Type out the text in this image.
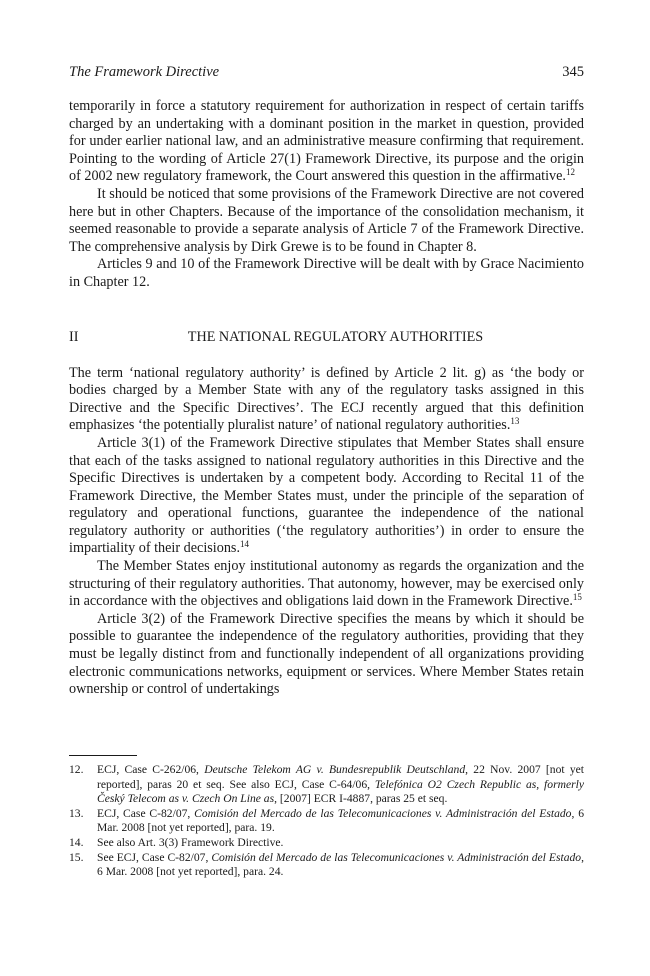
The Framework Directive	345

temporarily in force a statutory requirement for authorization in respect of certain tariffs charged by an undertaking with a dominant position in the market in question, provided for under earlier national law, and an administrative measure confirming that requirement. Pointing to the wording of Article 27(1) Framework Directive, its purpose and the origin of 2002 new regulatory framework, the Court answered this question in the affirmative.$^{12}$

It should be noticed that some provisions of the Framework Directive are not covered here but in other Chapters. Because of the importance of the consolidation mechanism, it seemed reasonable to provide a separate analysis of Article 7 of the Framework Directive. The comprehensive analysis by Dirk Grewe is to be found in Chapter 8.

Articles 9 and 10 of the Framework Directive will be dealt with by Grace Nacimiento in Chapter 12.

II	THE NATIONAL REGULATORY AUTHORITIES

The term ‘national regulatory authority’ is defined by Article 2 lit. g) as ‘the body or bodies charged by a Member State with any of the regulatory tasks assigned in this Directive and the Specific Directives’. The ECJ recently argued that this definition emphasizes ‘the potentially pluralist nature’ of national regulatory authorities.$^{13}$

Article 3(1) of the Framework Directive stipulates that Member States shall ensure that each of the tasks assigned to national regulatory authorities in this Directive and the Specific Directives is undertaken by a competent body. According to Recital 11 of the Framework Directive, the Member States must, under the principle of the separation of regulatory and operational functions, guarantee the independence of the national regulatory authority or authorities (‘the regulatory authorities’) in order to ensure the impartiality of their decisions.$^{14}$

The Member States enjoy institutional autonomy as regards the organization and the structuring of their regulatory authorities. That autonomy, however, may be exercised only in accordance with the objectives and obligations laid down in the Framework Directive.$^{15}$

Article 3(2) of the Framework Directive specifies the means by which it should be possible to guarantee the independence of the regulatory authorities, providing that they must be legally distinct from and functionally independent of all organizations providing electronic communications networks, equipment or services. Where Member States retain ownership or control of undertakings

12. ECJ, Case C-262/06, Deutsche Telekom AG v. Bundesrepublik Deutschland, 22 Nov. 2007 [not yet reported], paras 20 et seq. See also ECJ, Case C-64/06, Telefónica O2 Czech Republic as, formerly Český Telecom as v. Czech On Line as, [2007] ECR I-4887, paras 25 et seq.
13. ECJ, Case C-82/07, Comisión del Mercado de las Telecomunicaciones v. Administración del Estado, 6 Mar. 2008 [not yet reported], para. 19.
14. See also Art. 3(3) Framework Directive.
15. See ECJ, Case C-82/07, Comisión del Mercado de las Telecomunicaciones v. Administración del Estado, 6 Mar. 2008 [not yet reported], para. 24.
